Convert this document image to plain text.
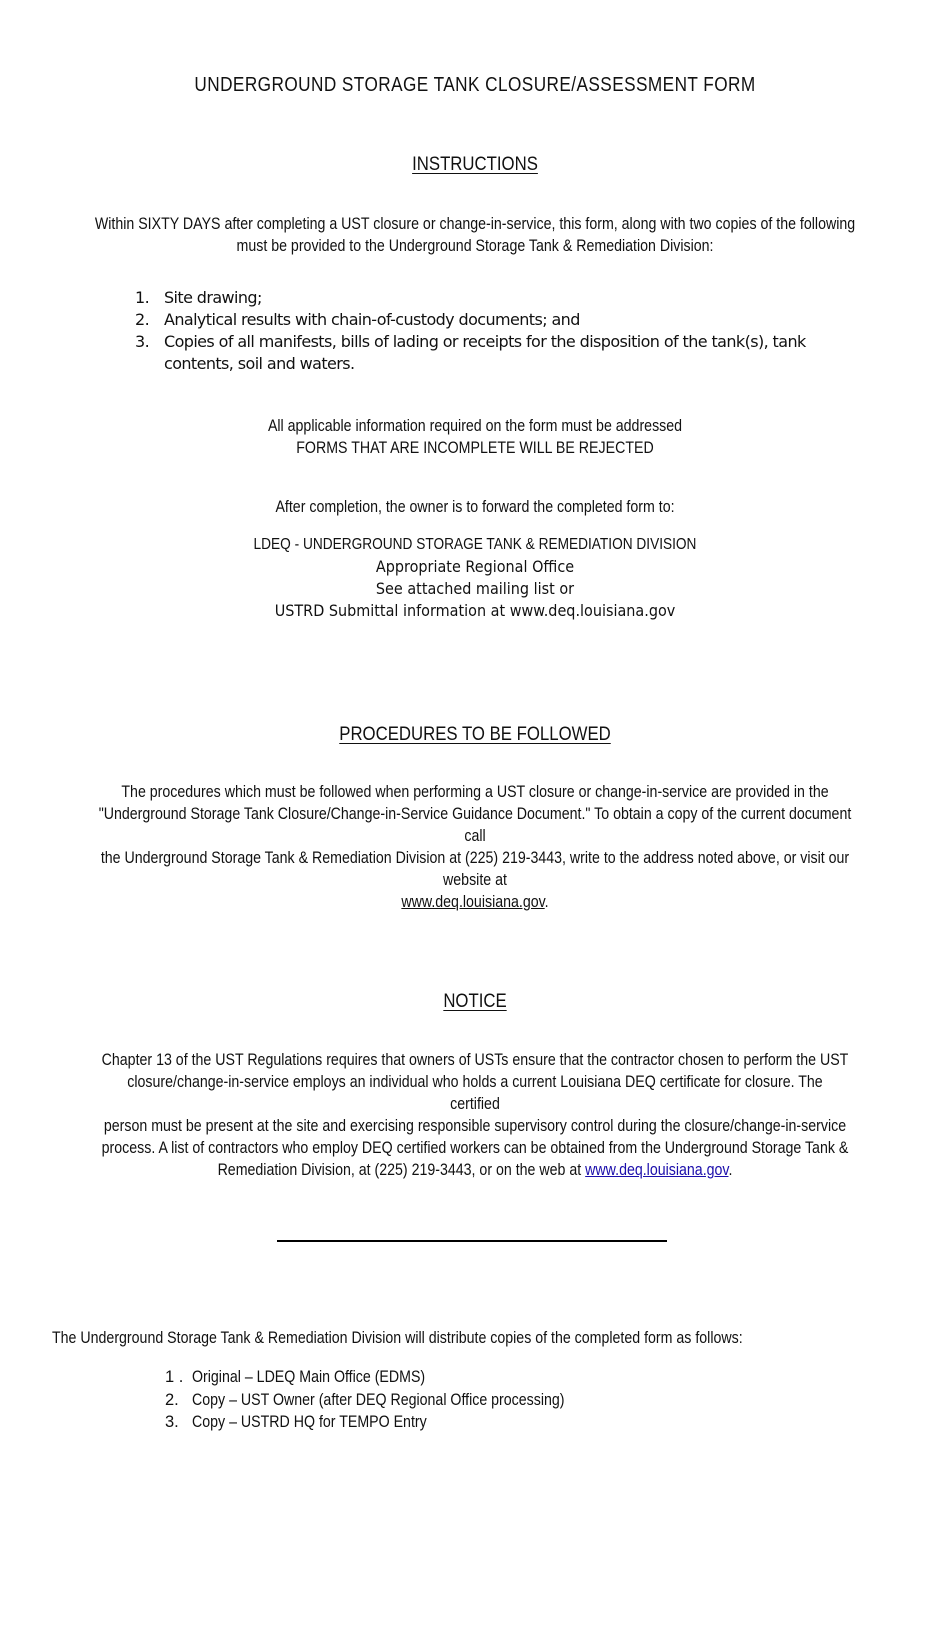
UNDERGROUND STORAGE TANK CLOSURE/ASSESSMENT FORM
INSTRUCTIONS
Within SIXTY DAYS after completing a UST closure or change-in-service, this form, along with two copies of the following
must be provided to the Underground Storage Tank & Remediation Division:
1. Site drawing;
2. Analytical results with chain-of-custody documents; and
3. Copies of all manifests, bills of lading or receipts for the disposition of the tank(s), tank contents, soil and waters.
All applicable information required on the form must be addressed
FORMS THAT ARE INCOMPLETE WILL BE REJECTED
After completion, the owner is to forward the completed form to:
LDEQ - UNDERGROUND STORAGE TANK & REMEDIATION DIVISION
Appropriate Regional Office
See attached mailing list or
USTRD Submittal information at www.deq.louisiana.gov
PROCEDURES TO BE FOLLOWED
The procedures which must be followed when performing a UST closure or change-in-service are provided in the
"Underground Storage Tank Closure/Change-in-Service Guidance Document." To obtain a copy of the current document call
the Underground Storage Tank & Remediation Division at (225) 219-3443, write to the address noted above, or visit our
website at
www.deq.louisiana.gov.
NOTICE
Chapter 13 of the UST Regulations requires that owners of USTs ensure that the contractor chosen to perform the UST
closure/change-in-service employs an individual who holds a current Louisiana DEQ certificate for closure. The certified
person must be present at the site and exercising responsible supervisory control during the closure/change-in-service
process. A list of contractors who employ DEQ certified workers can be obtained from the Underground Storage Tank &
Remediation Division, at (225) 219-3443, or on the web at www.deq.louisiana.gov.
The Underground Storage Tank & Remediation Division will distribute copies of the completed form as follows:
1 . Original – LDEQ Main Office (EDMS)
2. Copy – UST Owner (after DEQ Regional Office processing)
3. Copy – USTRD HQ for TEMPO Entry
